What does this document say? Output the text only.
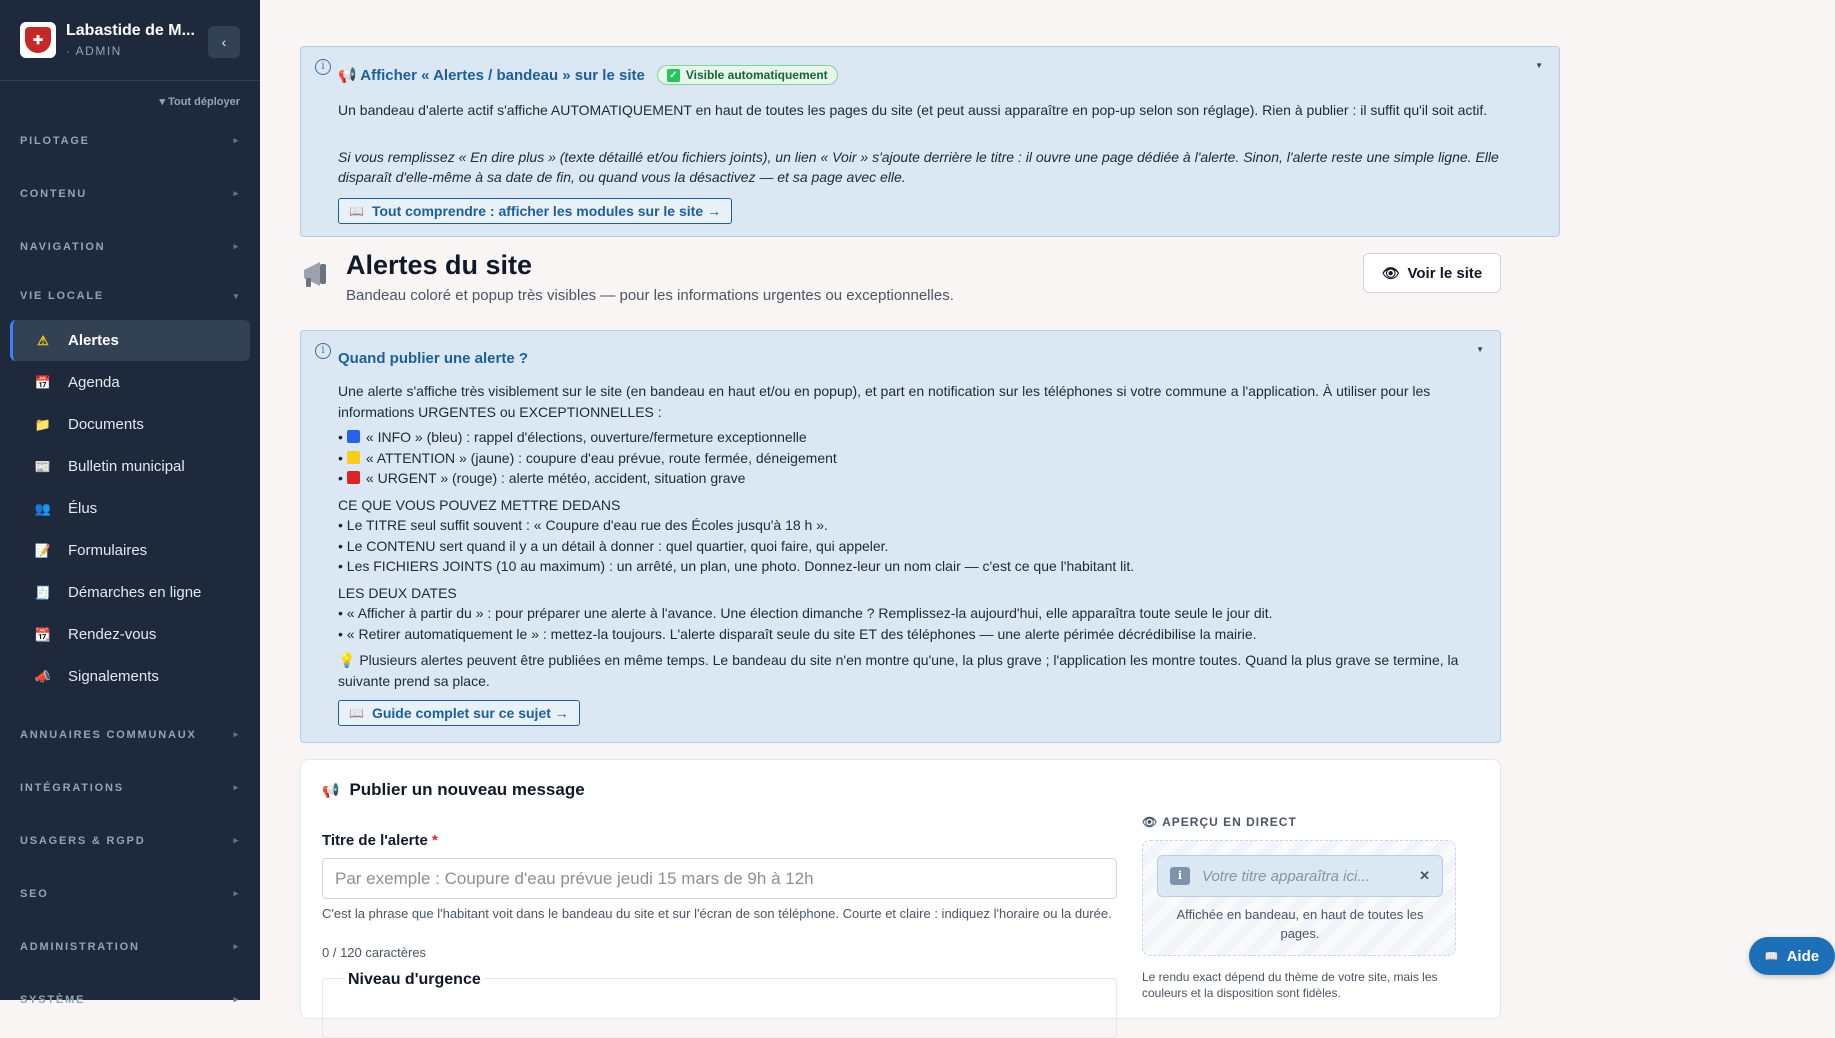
✚
Labastide de M...
· ADMIN
‹
▾ Tout déployer
PILOTAGE	▸
CONTENU	▸
NAVIGATION	▸
VIE LOCALE	▾
⚠ Alertes
📅 Agenda
📁 Documents
📰 Bulletin municipal
👥 Élus
📝 Formulaires
🧾 Démarches en ligne
📆 Rendez-vous
📣 Signalements
ANNUAIRES COMMUNAUX	▸
INTÉGRATIONS	▸
USAGERS & RGPD	▸
SEO	▸
ADMINISTRATION	▸
SYSTÈME	▸
i	▼
📢 Afficher « Alertes / bandeau » sur le site ✓ Visible automatiquement

Un bandeau d'alerte actif s'affiche AUTOMATIQUEMENT en haut de toutes les pages du site (et peut aussi apparaître en pop-up selon son réglage). Rien à publier : il suffit qu'il soit actif.

Si vous remplissez « En dire plus » (texte détaillé et/ou fichiers joints), un lien « Voir » s'ajoute derrière le titre : il ouvre une page dédiée à l'alerte. Sinon, l'alerte reste une simple ligne. Elle disparaît d'elle-même à sa date de fin, ou quand vous la désactivez — et sa page avec elle.

📖 Tout comprendre : afficher les modules sur le site →
Alertes du site
Bandeau coloré et popup très visibles — pour les informations urgentes ou exceptionnelles.
👁 Voir le site
i	▼
Quand publier une alerte ?
Une alerte s'affiche très visiblement sur le site (en bandeau en haut et/ou en popup), et part en notification sur les téléphones si votre commune a l'application. À utiliser pour les informations URGENTES ou EXCEPTIONNELLES :
• « INFO » (bleu) : rappel d'élections, ouverture/fermeture exceptionnelle
• « ATTENTION » (jaune) : coupure d'eau prévue, route fermée, déneigement
• « URGENT » (rouge) : alerte météo, accident, situation grave
CE QUE VOUS POUVEZ METTRE DEDANS
• Le TITRE seul suffit souvent : « Coupure d'eau rue des Écoles jusqu'à 18 h ».
• Le CONTENU sert quand il y a un détail à donner : quel quartier, quoi faire, qui appeler.
• Les FICHIERS JOINTS (10 au maximum) : un arrêté, un plan, une photo. Donnez-leur un nom clair — c'est ce que l'habitant lit.
LES DEUX DATES
• « Afficher à partir du » : pour préparer une alerte à l'avance. Une élection dimanche ? Remplissez-la aujourd'hui, elle apparaîtra toute seule le jour dit.
• « Retirer automatiquement le » : mettez-la toujours. L'alerte disparaît seule du site ET des téléphones — une alerte périmée décrédibilise la mairie.
💡 Plusieurs alertes peuvent être publiées en même temps. Le bandeau du site n'en montre qu'une, la plus grave ; l'application les montre toutes. Quand la plus grave se termine, la suivante prend sa place.
📖 Guide complet sur ce sujet →
📢 Publier un nouveau message
Titre de l'alerte *
Par exemple : Coupure d'eau prévue jeudi 15 mars de 9h à 12h
C'est la phrase que l'habitant voit dans le bandeau du site et sur l'écran de son téléphone. Courte et claire : indiquez l'horaire ou la durée.
0 / 120 caractères
Niveau d'urgence
👁 APERÇU EN DIRECT
i	Votre titre apparaîtra ici...	✕
Affichée en bandeau, en haut de toutes les pages.
Le rendu exact dépend du thème de votre site, mais les couleurs et la disposition sont fidèles.
📖 Aide
